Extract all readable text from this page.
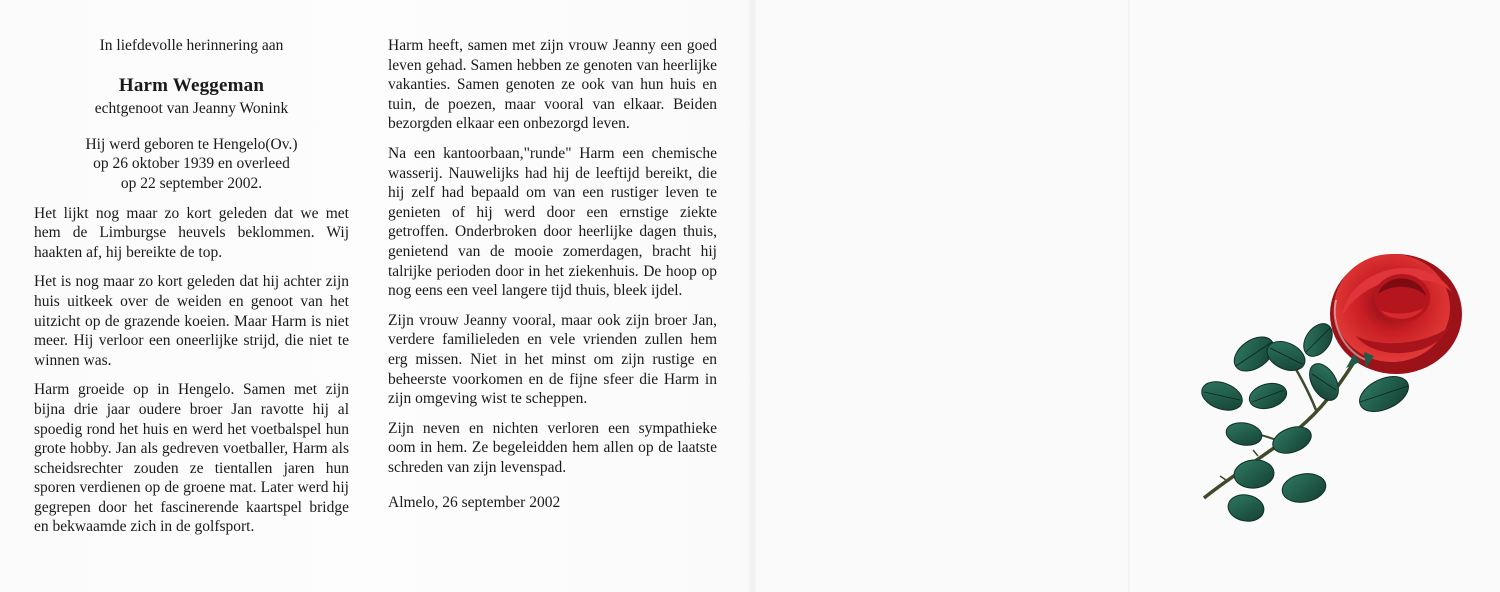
In liefdevolle herinnering aan
Harm Weggeman
echtgenoot van Jeanny Wonink
Hij werd geboren te Hengelo(Ov.)
op 26 oktober 1939 en overleed
op 22 september 2002.

Het lijkt nog maar zo kort geleden dat we met hem de Limburgse heuvels beklommen. Wij haakten af, hij bereikte de top.

Het is nog maar zo kort geleden dat hij achter zijn huis uitkeek over de weiden en genoot van het uitzicht op de grazende koeien. Maar Harm is niet meer. Hij verloor een oneerlijke strijd, die niet te winnen was.

Harm groeide op in Hengelo. Samen met zijn bijna drie jaar oudere broer Jan ravotte hij al spoedig rond het huis en werd het voetbalspel hun grote hobby. Jan als gedreven voetballer, Harm als scheidsrechter zouden ze tientallen jaren hun sporen verdienen op de groene mat. Later werd hij gegrepen door het fascinerende kaartspel bridge en bekwaamde zich in de golfsport.

Harm heeft, samen met zijn vrouw Jeanny een goed leven gehad. Samen hebben ze genoten van heerlijke vakanties. Samen genoten ze ook van hun huis en tuin, de poezen, maar vooral van elkaar. Beiden bezorgden elkaar een onbezorgd leven.

Na een kantoorbaan,"runde" Harm een chemische wasserij. Nauwelijks had hij de leeftijd bereikt, die hij zelf had bepaald om van een rustiger leven te genieten of hij werd door een ernstige ziekte getroffen. Onderbroken door heerlijke dagen thuis, genietend van de mooie zomerdagen, bracht hij talrijke perioden door in het ziekenhuis. De hoop op nog eens een veel langere tijd thuis, bleek ijdel.

Zijn vrouw Jeanny vooral, maar ook zijn broer Jan, verdere familieleden en vele vrienden zullen hem erg missen. Niet in het minst om zijn rustige en beheerste voorkomen en de fijne sfeer die Harm in zijn omgeving wist te scheppen.

Zijn neven en nichten verloren een sympathieke oom in hem. Ze begeleidden hem allen op de laatste schreden van zijn levenspad.

Almelo, 26 september 2002
